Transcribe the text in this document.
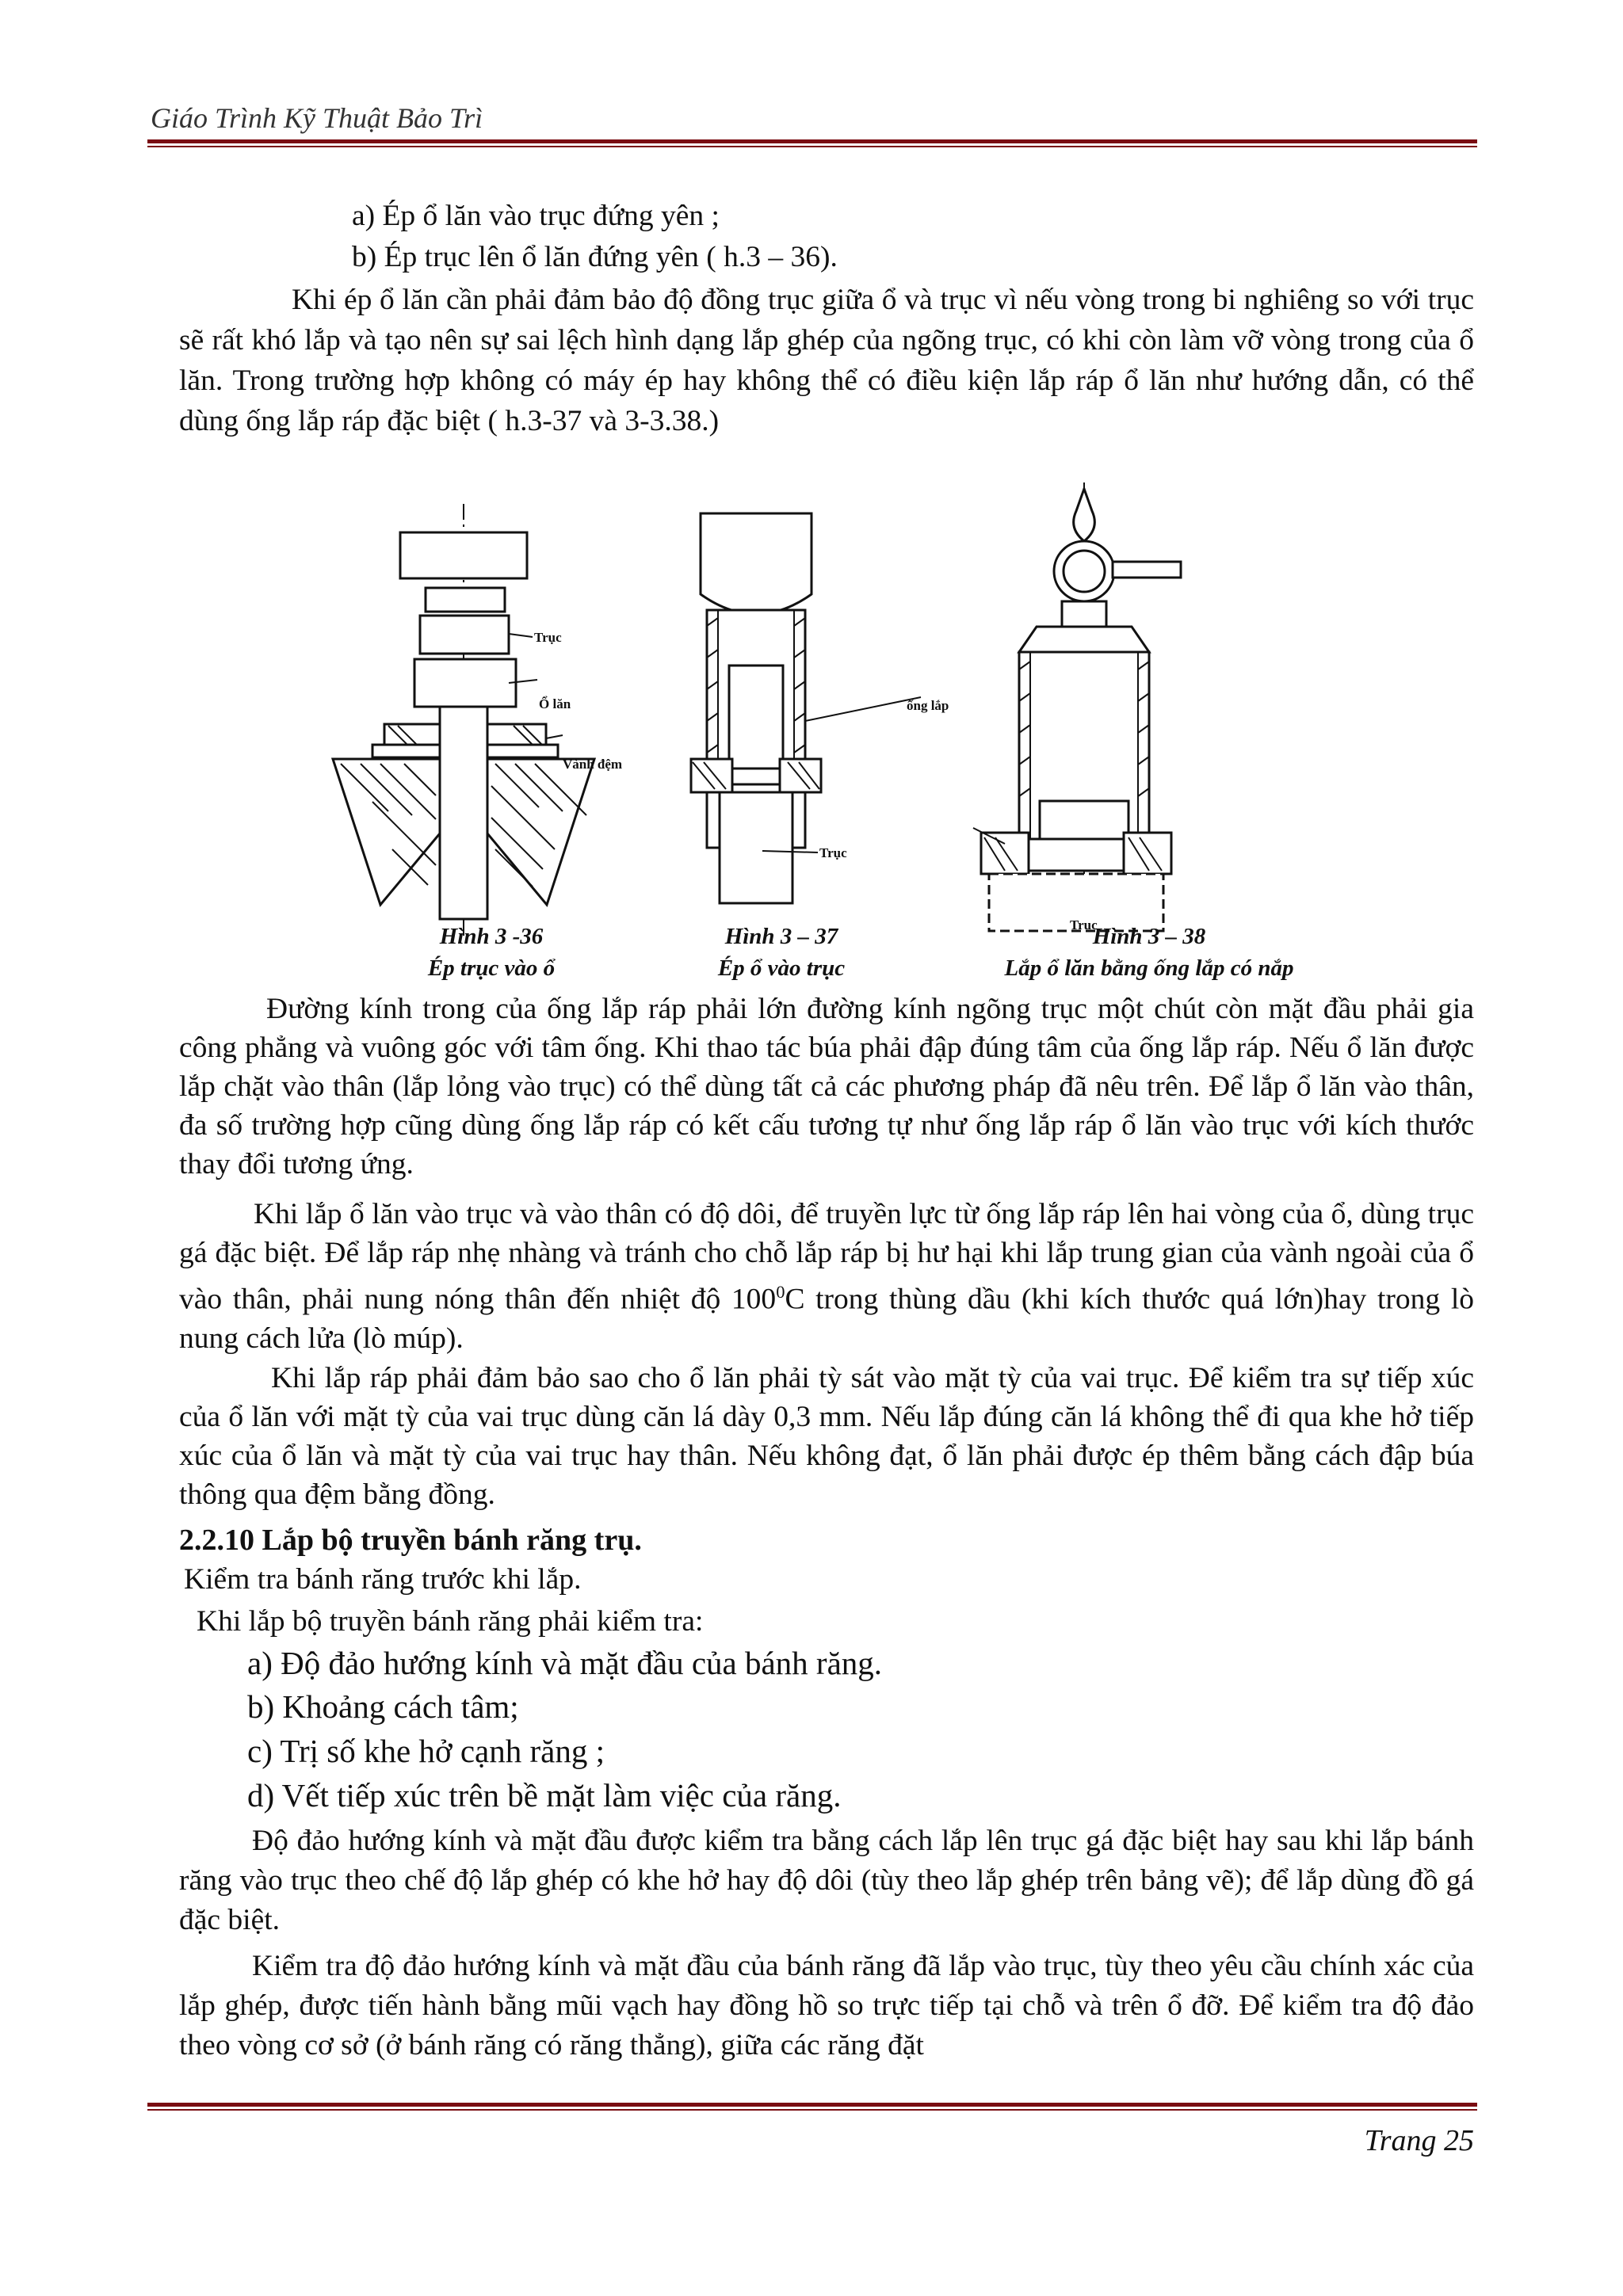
Giáo Trình Kỹ Thuật Bảo Trì
a) Ép ổ lăn vào trục đứng yên ;
b) Ép trục lên ổ lăn đứng yên ( h.3 – 36).
Khi ép ổ lăn cần phải đảm bảo độ đồng trục giữa ổ và trục vì nếu vòng trong bi nghiêng so với trục sẽ rất khó lắp và tạo nên sự sai lệch hình dạng lắp ghép của ngõng trục, có khi còn làm vỡ vòng trong của ổ lăn. Trong trường hợp không có máy ép hay không thể có điều kiện lắp ráp ổ lăn như hướng dẫn, có thể dùng ống lắp ráp đặc biệt ( h.3-37 và 3-3.38.)
Trục
Ổ lăn
Vành đệm
ống lắp
Trục
Trục
Hình 3 -36
Ép trục vào ổ
Hình 3 – 37
Ép ổ vào trục
Hình 3 – 38
Lắp ổ lăn bằng ống lắp có nắp
Đường kính trong của ống lắp ráp phải lớn đường kính ngõng trục một chút còn mặt đầu phải gia công phẳng và vuông góc với tâm ống. Khi thao tác búa phải đập đúng tâm của ống lắp ráp. Nếu ổ lăn được lắp chặt vào thân (lắp lỏng vào trục) có thể dùng tất cả các phương pháp đã nêu trên. Để lắp ổ lăn vào thân, đa số trường hợp cũng dùng ống lắp ráp có kết cấu tương tự như ống lắp ráp ổ lăn vào trục với kích thước thay đổi tương ứng.
Khi lắp ổ lăn vào trục và vào thân có độ dôi, để truyền lực từ ống lắp ráp lên hai vòng của ổ, dùng trục gá đặc biệt. Để lắp ráp nhẹ nhàng và tránh cho chỗ lắp ráp bị hư hại khi lắp trung gian của vành ngoài của ổ vào thân, phải nung nóng thân đến nhiệt độ $100^0C$ trong thùng dầu (khi kích thước quá lớn)hay trong lò nung cách lửa (lò múp).
Khi lắp ráp phải đảm bảo sao cho ổ lăn phải tỳ sát vào mặt tỳ của vai trục. Để kiểm tra sự tiếp xúc của ổ lăn với mặt tỳ của vai trục dùng căn lá dày 0,3 mm. Nếu lắp đúng căn lá không thể đi qua khe hở tiếp xúc của ổ lăn và mặt tỳ của vai trục hay thân. Nếu không đạt, ổ lăn phải được ép thêm bằng cách đập búa thông qua đệm bằng đồng.
2.2.10 Lắp bộ truyền bánh răng trụ.
Kiểm tra bánh răng trước khi lắp.
Khi lắp bộ truyền bánh răng phải kiểm tra:
a) Độ đảo hướng kính và mặt đầu của bánh răng.
b) Khoảng cách tâm;
c) Trị số khe hở cạnh răng ;
d) Vết tiếp xúc trên bề mặt làm việc của răng.
Độ đảo hướng kính và mặt đầu được kiểm tra bằng cách lắp lên trục gá đặc biệt hay sau khi lắp bánh răng vào trục theo chế độ lắp ghép có khe hở hay độ dôi (tùy theo lắp ghép trên bảng vẽ); để lắp dùng đồ gá đặc biệt.
Kiểm tra độ đảo hướng kính và mặt đầu của bánh răng đã lắp vào trục, tùy theo yêu cầu chính xác của lắp ghép, được tiến hành bằng mũi vạch hay đồng hồ so trực tiếp tại chỗ và trên ổ đỡ. Để kiểm tra độ đảo theo vòng cơ sở (ở bánh răng có răng thẳng), giữa các răng đặt
Trang 25
